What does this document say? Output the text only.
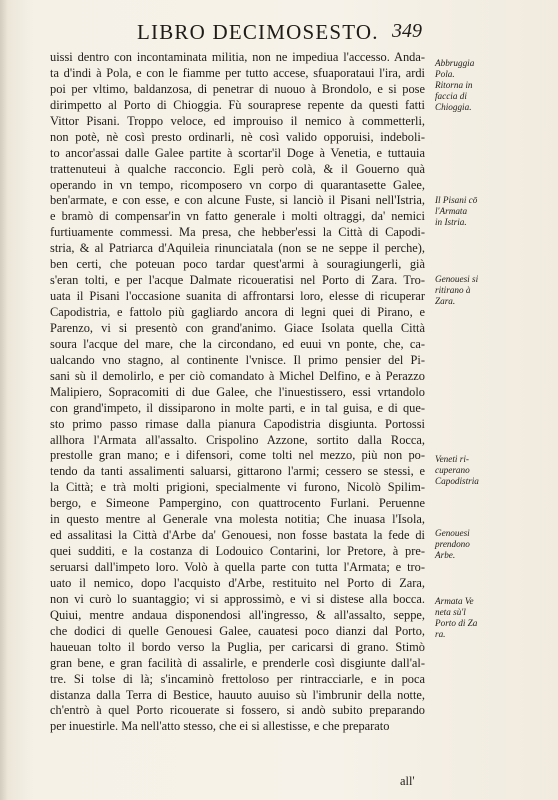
LIBRO DECIMOSESTO. 349
uissi dentro con incontaminata militia, non ne impediua l'accesso. Anda-
ta d'indi à Pola, e con le fiamme per tutto accese, sfuaporataui l'ira, ardi
poi per vltimo, baldanzosa, di penetrar di nuouo à Brondolo, e si pose
dirimpetto al Porto di Chioggia. Fù souraprese repente da questi fatti
Vittor Pisani. Troppo veloce, ed improuiso il nemico à commetterli,
non potè, nè così presto ordinarli, nè così valido opporuisi, indeboli-
to ancor'assai dalle Galee partite à scortar'il Doge à Venetia, e tuttauia
trattenuteui à qualche racconcio. Egli però colà, & il Gouerno quà
operando in vn tempo, ricomposero vn corpo di quarantasette Galee,
ben'armate, e con esse, e con alcune Fuste, si lanciò il Pisani nell'Istria,
e bramò di compensar'in vn fatto generale i molti oltraggi, da' nemici
furtiuamente commessi. Ma presa, che hebber'essi la Città di Capodi-
stria, & al Patriarca d'Aquileia rinunciatala (non se ne seppe il perche),
ben certi, che poteuan poco tardar quest'armi à souragiungerli, già
s'eran tolti, e per l'acque Dalmate ricoueratisi nel Porto di Zara. Tro-
uata il Pisani l'occasione suanita di affrontarsi loro, elesse di ricuperar
Capodistria, e fattolo più gagliardo ancora di legni quei di Pirano, e
Parenzo, vi si presentò con grand'animo. Giace Isolata quella Città
soura l'acque del mare, che la circondano, ed euui vn ponte, che, ca-
ualcando vno stagno, al continente l'vnisce. Il primo pensier del Pi-
sani sù il demolirlo, e per ciò comandato à Michel Delfino, e à Perazzo
Malipiero, Sopracomiti di due Galee, che l'inuestissero, essi vrtandolo
con grand'impeto, il dissiparono in molte parti, e in tal guisa, e di que-
sto primo passo rimase dalla pianura Capodistria disgiunta. Portossi
allhora l'Armata all'assalto. Crispolino Azzone, sortito dalla Rocca,
prestolle gran mano; e i difensori, come tolti nel mezzo, più non po-
tendo da tanti assalimenti saluarsi, gittarono l'armi; cessero se stessi, e
la Città; e trà molti prigioni, specialmente vi furono, Nicolò Spilim-
bergo, e Simeone Pampergino, con quattrocento Furlani. Peruenne
in questo mentre al Generale vna molesta notitia; Che inuasa l'Isola,
ed assalitasi la Città d'Arbe da' Genouesi, non fosse bastata la fede di
quei sudditi, e la costanza di Lodouico Contarini, lor Pretore, à pre-
seruarsi dall'impeto loro. Volò à quella parte con tutta l'Armata; e tro-
uato il nemico, dopo l'acquisto d'Arbe, restituito nel Porto di Zara,
non vi curò lo suantaggio; vi si approssimò, e vi si distese alla bocca.
Quiui, mentre andaua disponendosi all'ingresso, & all'assalto, seppe,
che dodici di quelle Genouesi Galee, cauatesi poco dianzi dal Porto,
haueuan tolto il bordo verso la Puglia, per caricarsi di grano. Stimò
gran bene, e gran facilità di assalirle, e prenderle così disgiunte dall'al-
tre. Si tolse di là; s'incaminò frettoloso per rintracciarle, e in poca
distanza dalla Terra di Bestice, hauuto auuiso sù l'imbrunir della notte,
ch'entrò à quel Porto ricouerate si fossero, si andò subito preparando
per inuestirle. Ma nell'atto stesso, che ei si allestisse, e che preparato
Abbruggia
Pola.
Ritorna in
faccia di
Chioggia.
Il Pisani cō
l'Armata
in Istria.
Genouesi si
ritirano à
Zara.
Veneti ri-
cuperano
Capodistria
Genouesi
prendono
Arbe.
Armata Ve
neta sù'l
Porto di Za
ra.
all'
